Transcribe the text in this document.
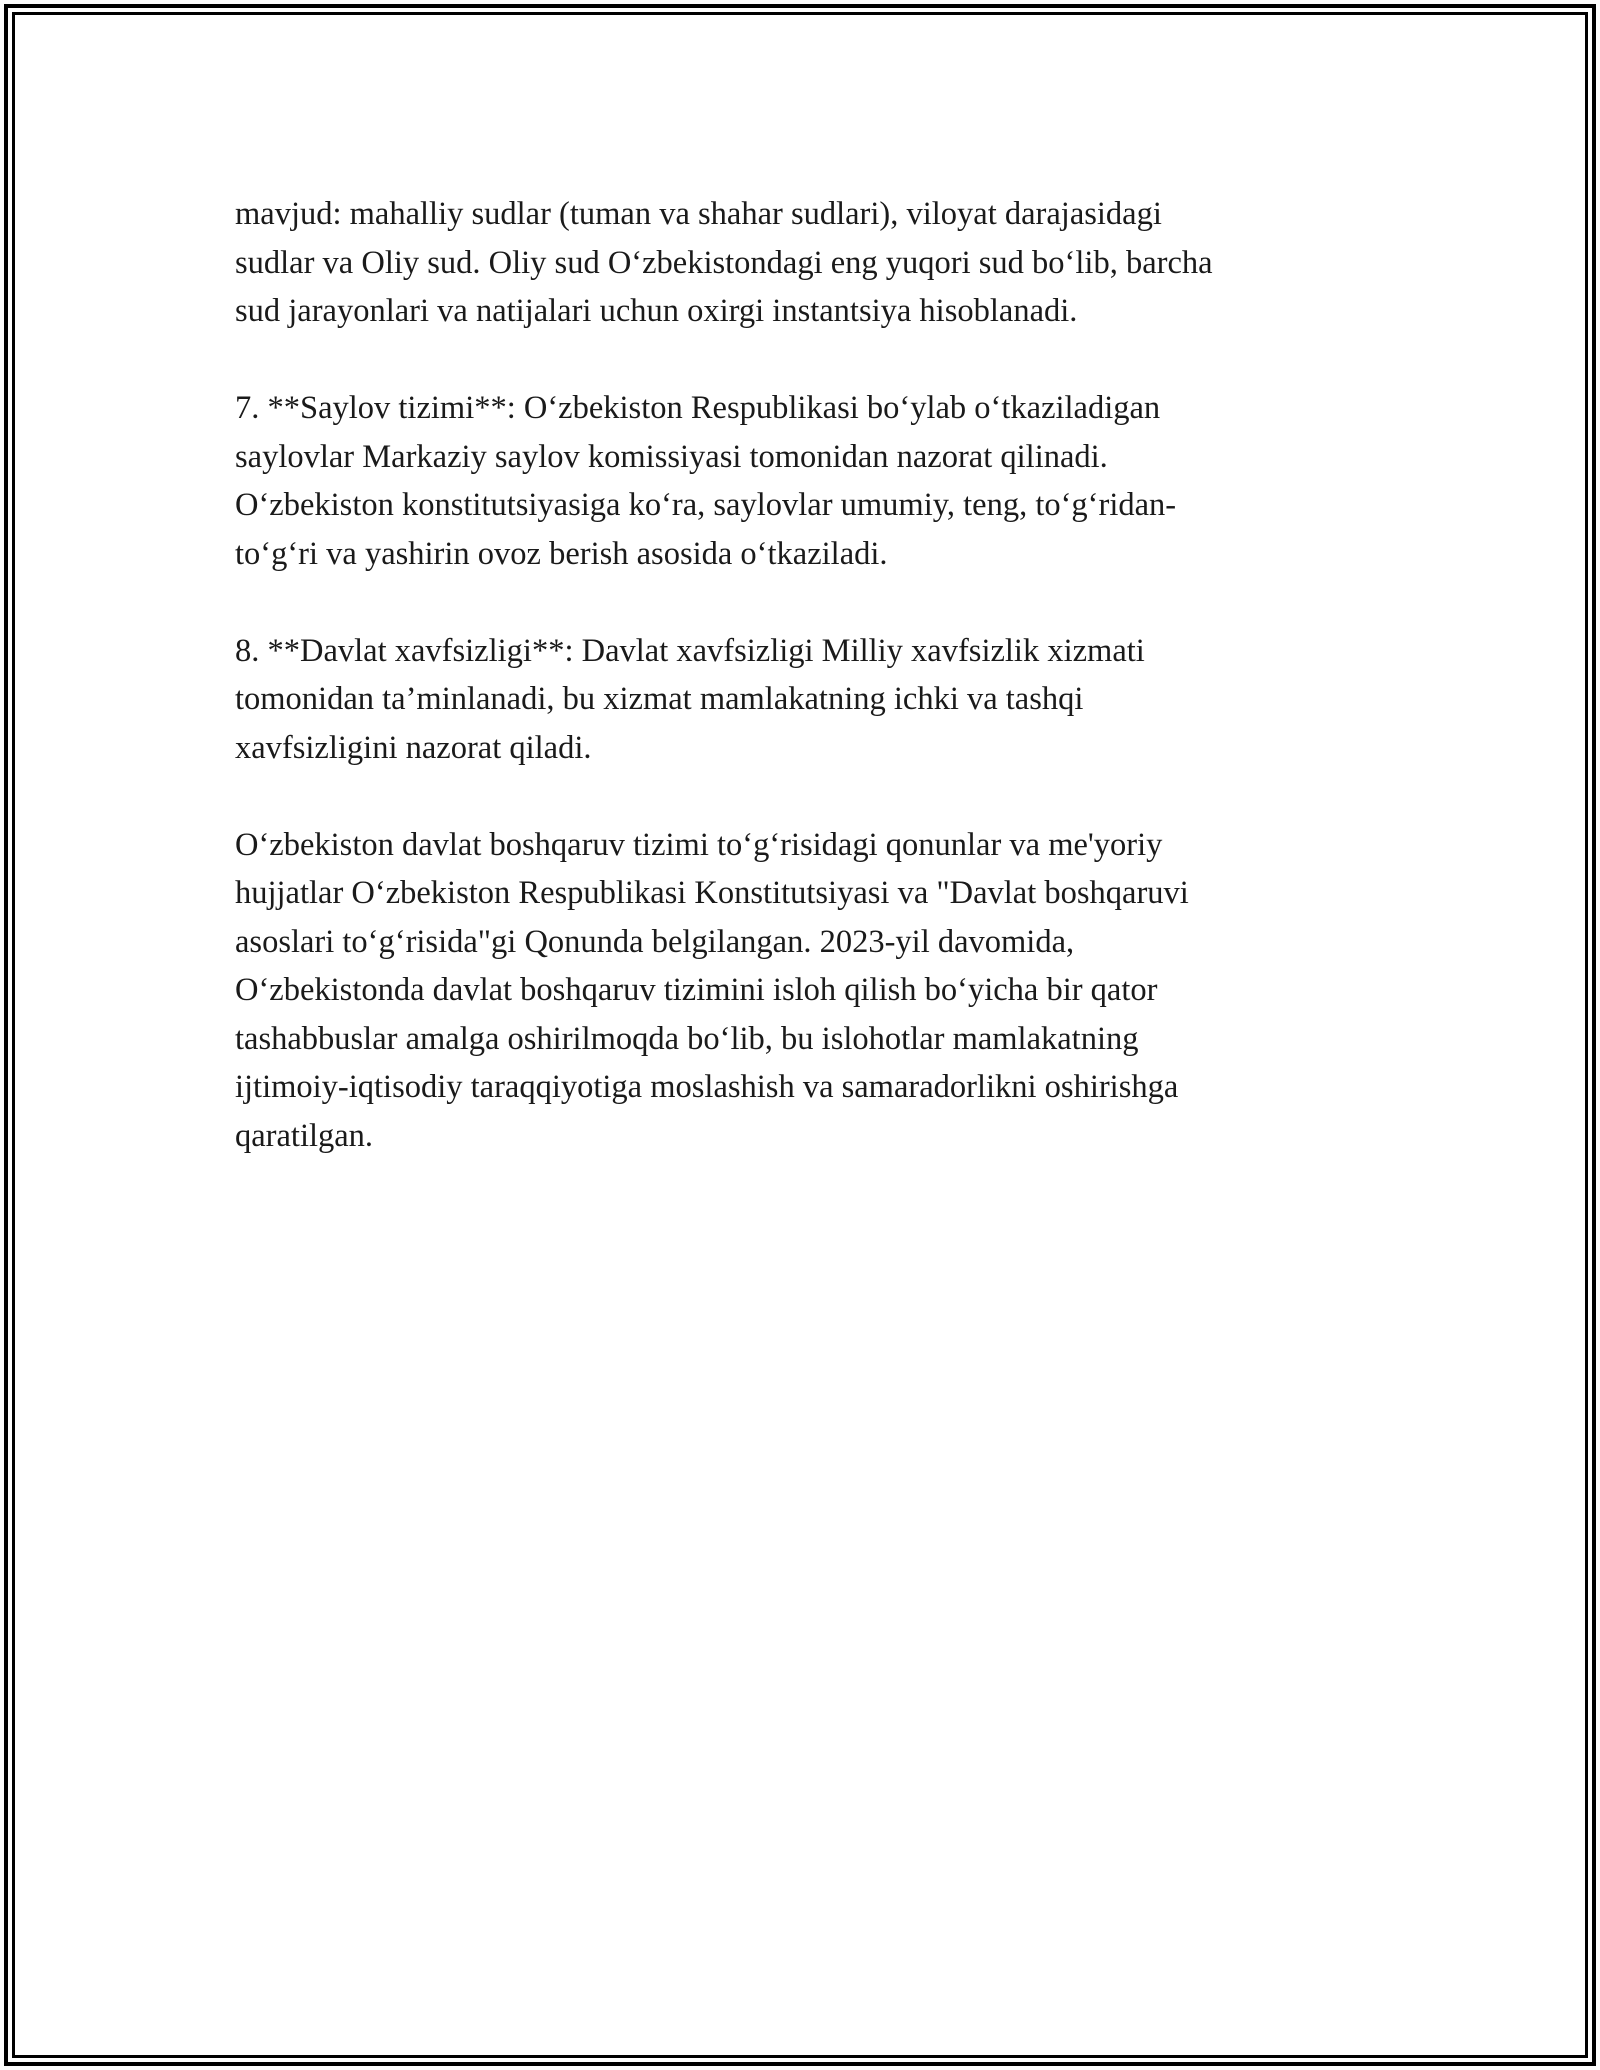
mavjud: mahalliy sudlar (tuman va shahar sudlari), viloyat darajasidagi
sudlar va Oliy sud. Oliy sud O‘zbekistondagi eng yuqori sud bo‘lib, barcha
sud jarayonlari va natijalari uchun oxirgi instantsiya hisoblanadi.

7. **Saylov tizimi**: O‘zbekiston Respublikasi bo‘ylab o‘tkaziladigan
saylovlar Markaziy saylov komissiyasi tomonidan nazorat qilinadi.
O‘zbekiston konstitutsiyasiga ko‘ra, saylovlar umumiy, teng, to‘g‘ridan-
to‘g‘ri va yashirin ovoz berish asosida o‘tkaziladi.

8. **Davlat xavfsizligi**: Davlat xavfsizligi Milliy xavfsizlik xizmati
tomonidan ta’minlanadi, bu xizmat mamlakatning ichki va tashqi
xavfsizligini nazorat qiladi.

O‘zbekiston davlat boshqaruv tizimi to‘g‘risidagi qonunlar va me'yoriy
hujjatlar O‘zbekiston Respublikasi Konstitutsiyasi va "Davlat boshqaruvi
asoslari to‘g‘risida"gi Qonunda belgilangan. 2023-yil davomida,
O‘zbekistonda davlat boshqaruv tizimini isloh qilish bo‘yicha bir qator
tashabbuslar amalga oshirilmoqda bo‘lib, bu islohotlar mamlakatning
ijtimoiy-iqtisodiy taraqqiyotiga moslashish va samaradorlikni oshirishga
qaratilgan.
